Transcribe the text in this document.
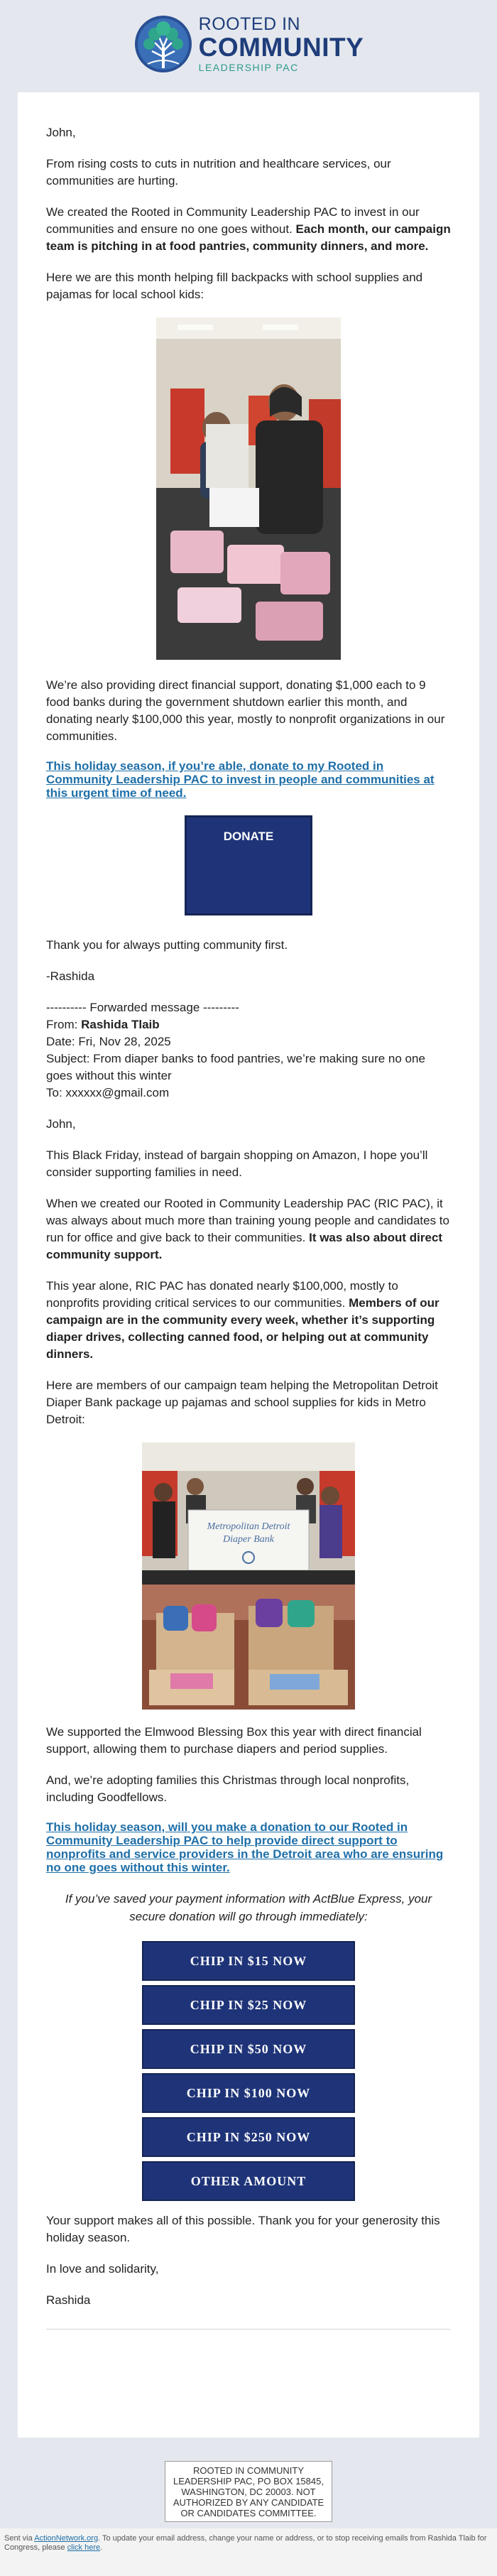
ROOTED IN
COMMUNITY
LEADERSHIP PAC

John,

From rising costs to cuts in nutrition and healthcare services, our communities are hurting.

We created the Rooted in Community Leadership PAC to invest in our communities and ensure no one goes without. Each month, our campaign team is pitching in at food pantries, community dinners, and more.

Here we are this month helping fill backpacks with school supplies and pajamas for local school kids:

We’re also providing direct financial support, donating $1,000 each to 9 food banks during the government shutdown earlier this month, and donating nearly $100,000 this year, mostly to nonprofit organizations in our communities.

This holiday season, if you’re able, donate to my Rooted in Community Leadership PAC to invest in people and communities at this urgent time of need.
DONATE

Thank you for always putting community first.

-Rashida

---------- Forwarded message ---------

From: Rashida Tlaib

Date: Fri, Nov 28, 2025

Subject: From diaper banks to food pantries, we’re making sure no one goes without this winter

To: xxxxxx@gmail.com

John,

This Black Friday, instead of bargain shopping on Amazon, I hope you’ll consider supporting families in need.

When we created our Rooted in Community Leadership PAC (RIC PAC), it was always about much more than training young people and candidates to run for office and give back to their communities. It was also about direct community support.

This year alone, RIC PAC has donated nearly $100,000, mostly to nonprofits providing critical services to our communities. Members of our campaign are in the community every week, whether it’s supporting diaper drives, collecting canned food, or helping out at community dinners.

Here are members of our campaign team helping the Metropolitan Detroit Diaper Bank package up pajamas and school supplies for kids in Metro Detroit:

Metropolitan Detroit
Diaper Bank

We supported the Elmwood Blessing Box this year with direct financial support, allowing them to purchase diapers and period supplies.

And, we’re adopting families this Christmas through local nonprofits, including Goodfellows.

This holiday season, will you make a donation to our Rooted in Community Leadership PAC to help provide direct support to nonprofits and service providers in the Detroit area who are ensuring no one goes without this winter.
If you’ve saved your payment information with ActBlue Express, your secure donation will go through immediately:
CHIP IN $15 NOW
CHIP IN $25 NOW
CHIP IN $50 NOW
CHIP IN $100 NOW
CHIP IN $250 NOW
OTHER AMOUNT

Your support makes all of this possible. Thank you for your generosity this holiday season.

In love and solidarity,

Rashida

ROOTED IN COMMUNITY LEADERSHIP PAC, PO BOX 15845, WASHINGTON, DC 20003. NOT AUTHORIZED BY ANY CANDIDATE OR CANDIDATES COMMITTEE.
Sent via ActionNetwork.org. To update your email address, change your name or address, or to stop receiving emails from Rashida Tlaib for Congress, please click here.
